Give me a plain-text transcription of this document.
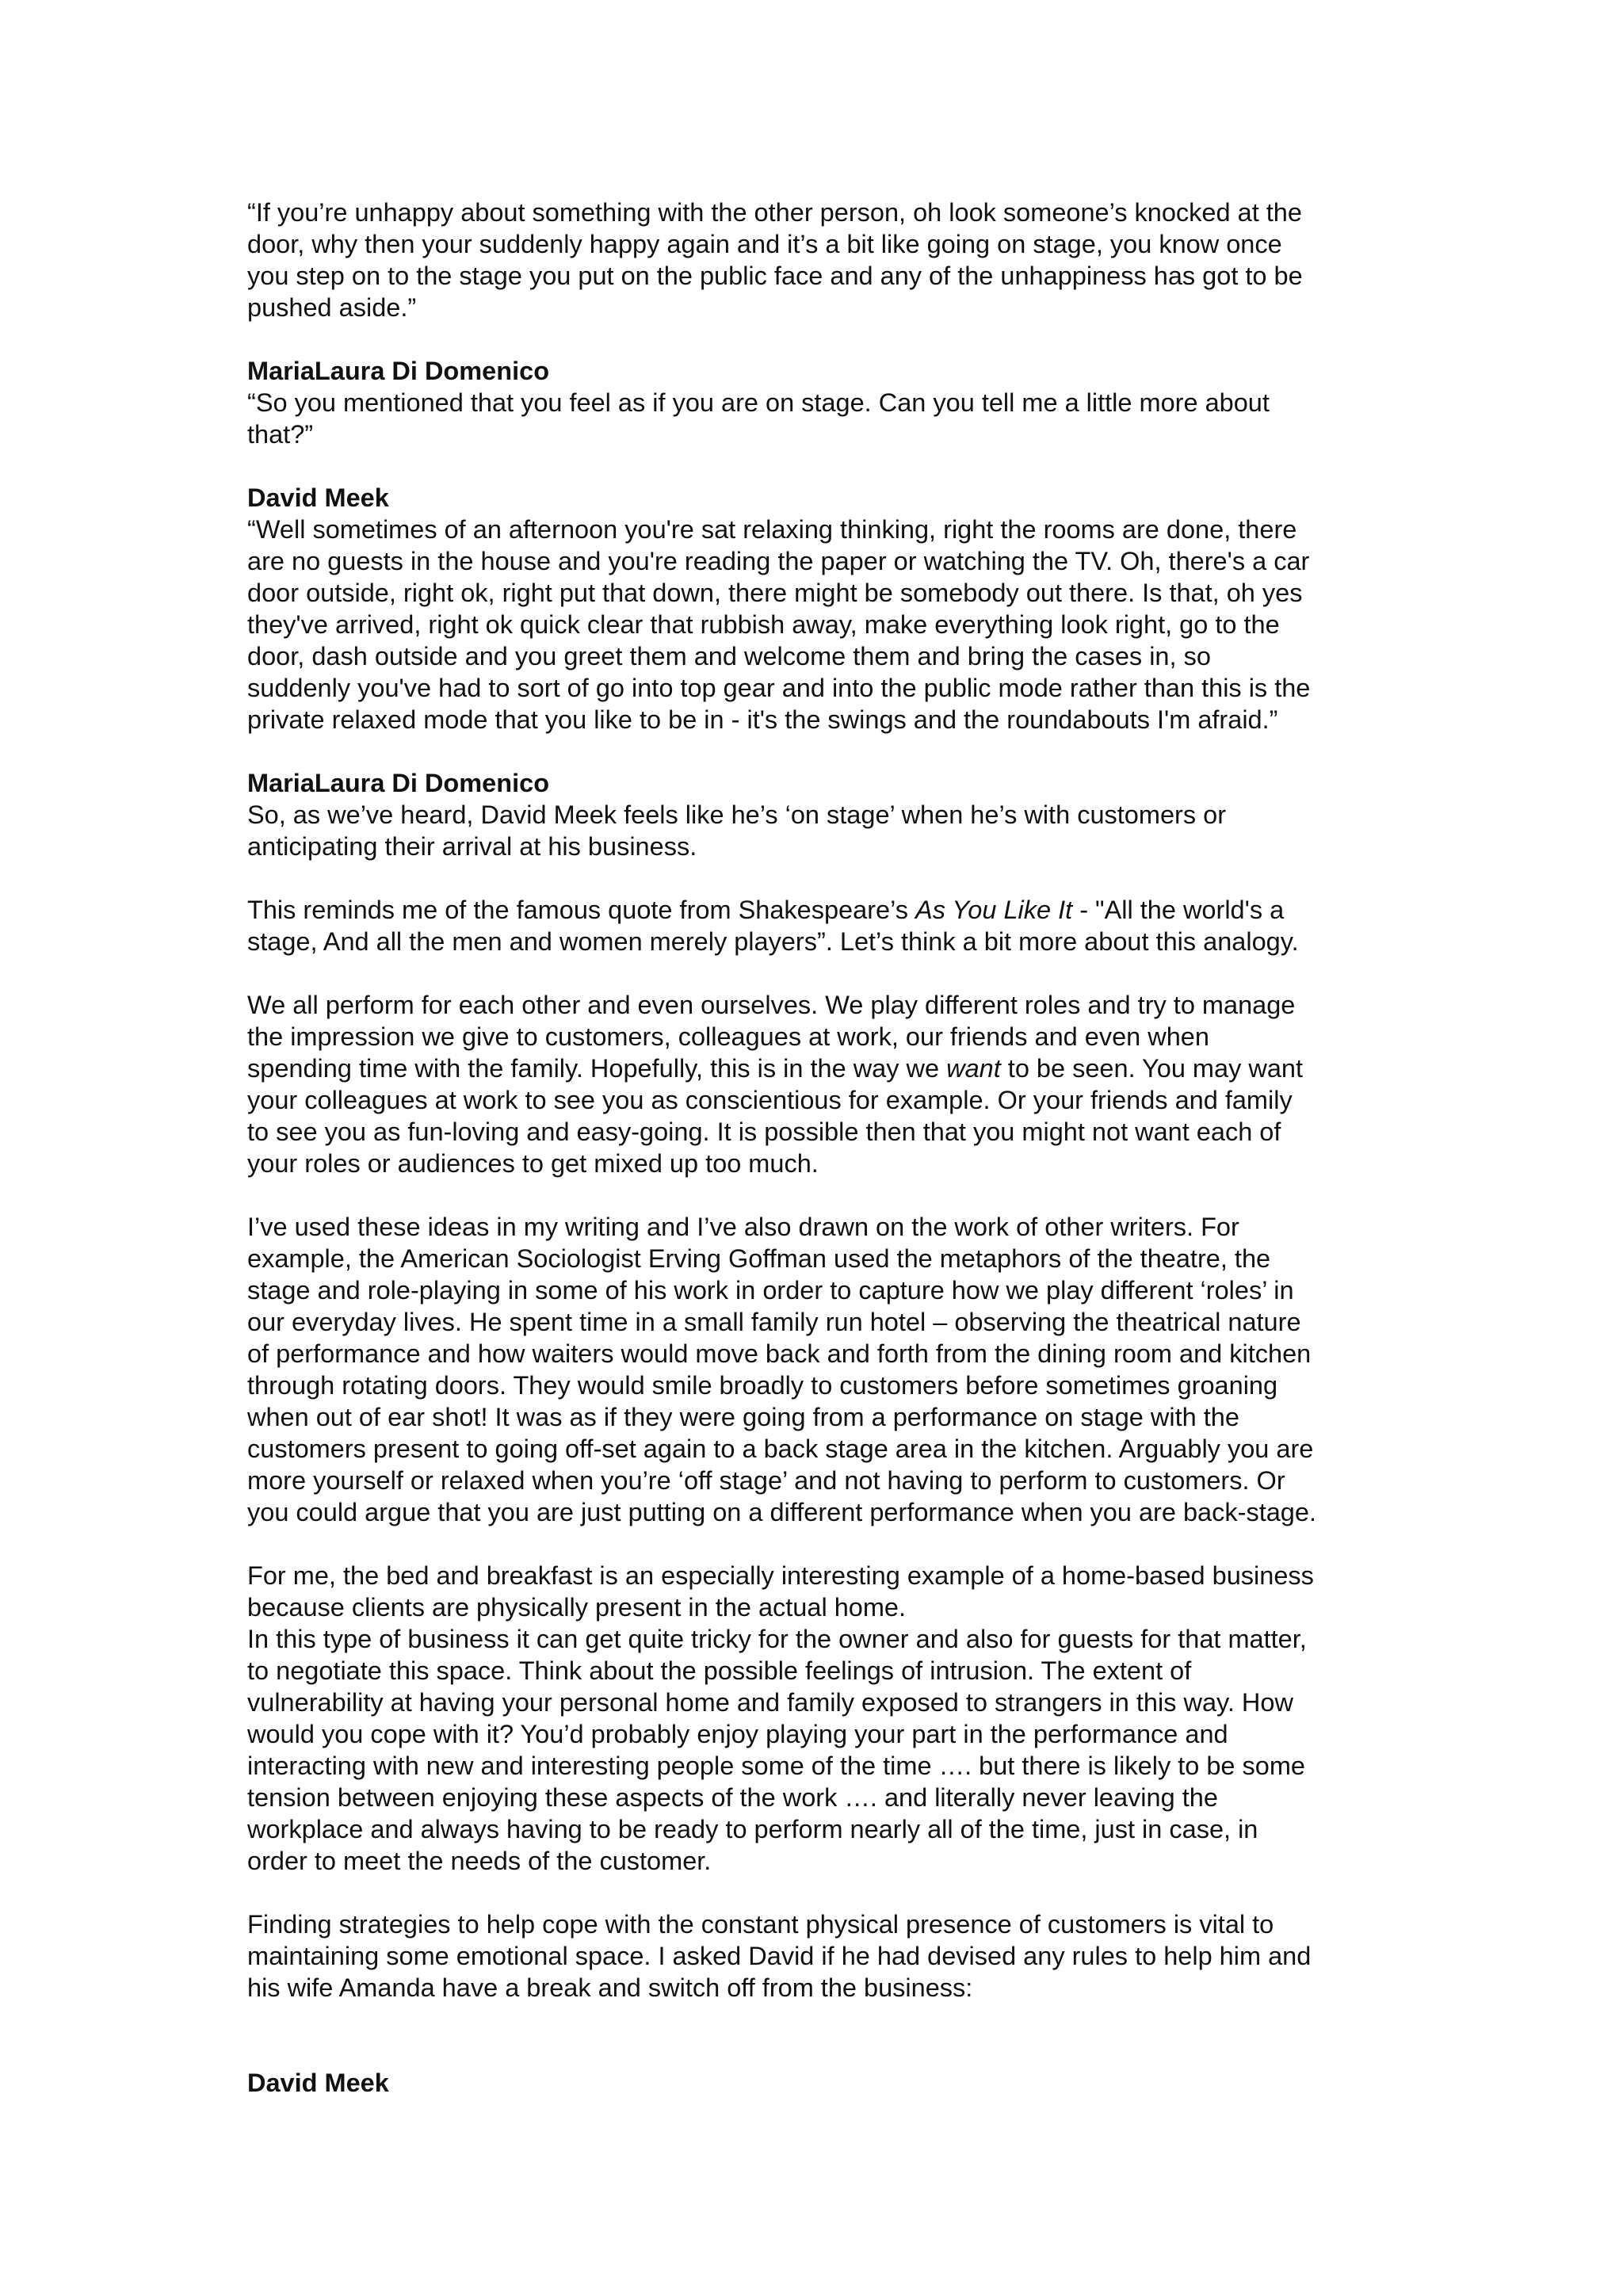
“If you’re unhappy about something with the other person, oh look someone’s knocked at the
door, why then your suddenly happy again and it’s a bit like going on stage, you know once
you step on to the stage you put on the public face and any of the unhappiness has got to be
pushed aside.”
MariaLaura Di Domenico
“So you mentioned that you feel as if you are on stage. Can you tell me a little more about
that?”
David Meek
“Well sometimes of an afternoon you're sat relaxing thinking, right the rooms are done, there
are no guests in the house and you're reading the paper or watching the TV. Oh, there's a car
door outside, right ok, right put that down, there might be somebody out there. Is that, oh yes
they've arrived, right ok quick clear that rubbish away, make everything look right, go to the
door, dash outside and you greet them and welcome them and bring the cases in, so
suddenly you've had to sort of go into top gear and into the public mode rather than this is the
private relaxed mode that you like to be in - it's the swings and the roundabouts I'm afraid.”
MariaLaura Di Domenico
So, as we’ve heard, David Meek feels like he’s ‘on stage’ when he’s with customers or
anticipating their arrival at his business.
This reminds me of the famous quote from Shakespeare’s As You Like It - "All the world's a
stage, And all the men and women merely players”. Let’s think a bit more about this analogy.
We all perform for each other and even ourselves. We play different roles and try to manage
the impression we give to customers, colleagues at work, our friends and even when
spending time with the family. Hopefully, this is in the way we want to be seen. You may want
your colleagues at work to see you as conscientious for example. Or your friends and family
to see you as fun-loving and easy-going. It is possible then that you might not want each of
your roles or audiences to get mixed up too much.
I’ve used these ideas in my writing and I’ve also drawn on the work of other writers. For
example, the American Sociologist Erving Goffman used the metaphors of the theatre, the
stage and role-playing in some of his work in order to capture how we play different ‘roles’ in
our everyday lives. He spent time in a small family run hotel – observing the theatrical nature
of performance and how waiters would move back and forth from the dining room and kitchen
through rotating doors. They would smile broadly to customers before sometimes groaning
when out of ear shot! It was as if they were going from a performance on stage with the
customers present to going off-set again to a back stage area in the kitchen. Arguably you are
more yourself or relaxed when you’re ‘off stage’ and not having to perform to customers. Or
you could argue that you are just putting on a different performance when you are back-stage.
For me, the bed and breakfast is an especially interesting example of a home-based business
because clients are physically present in the actual home.
In this type of business it can get quite tricky for the owner and also for guests for that matter,
to negotiate this space. Think about the possible feelings of intrusion. The extent of
vulnerability at having your personal home and family exposed to strangers in this way. How
would you cope with it? You’d probably enjoy playing your part in the performance and
interacting with new and interesting people some of the time …. but there is likely to be some
tension between enjoying these aspects of the work …. and literally never leaving the
workplace and always having to be ready to perform nearly all of the time, just in case, in
order to meet the needs of the customer.
Finding strategies to help cope with the constant physical presence of customers is vital to
maintaining some emotional space. I asked David if he had devised any rules to help him and
his wife Amanda have a break and switch off from the business:
David Meek
